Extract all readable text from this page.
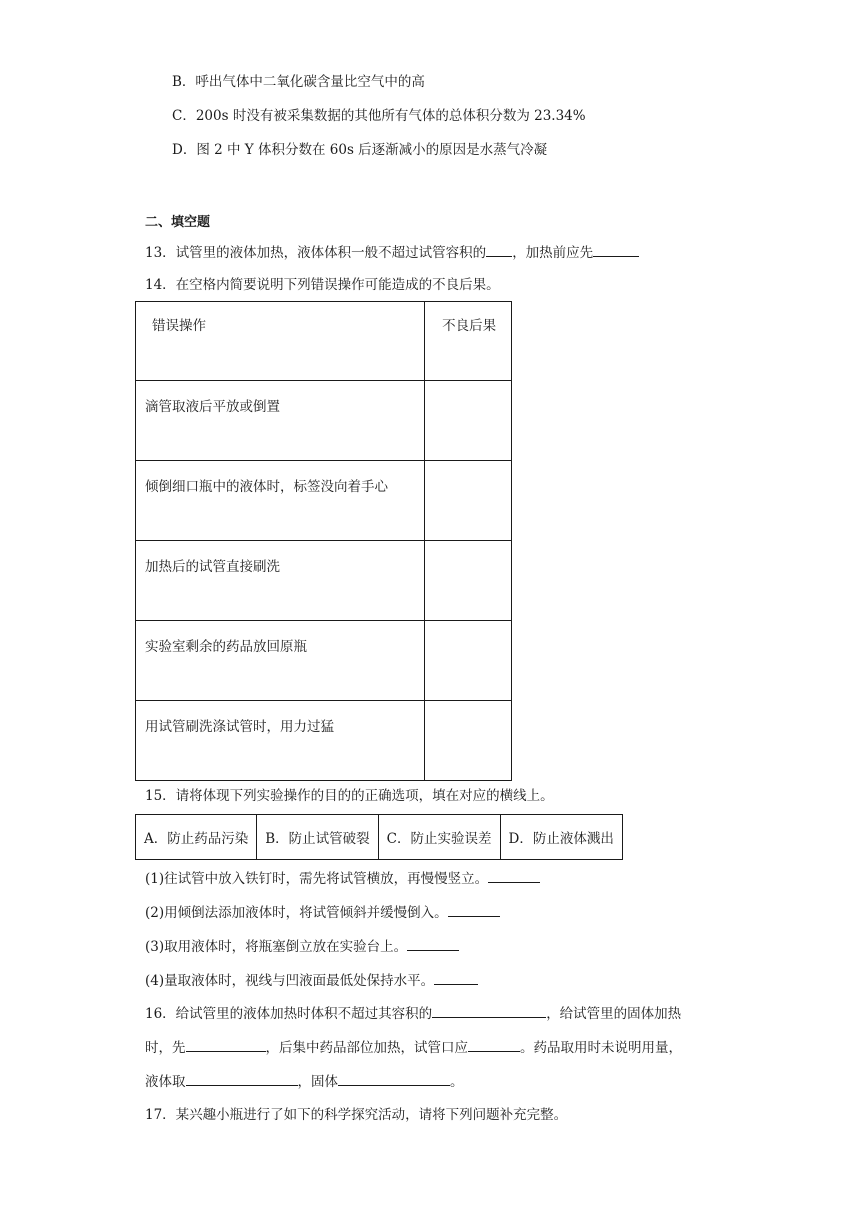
B．呼出气体中二氧化碳含量比空气中的高
C．200s 时没有被采集数据的其他所有气体的总体积分数为 23.34%
D．图 2 中 Y 体积分数在 60s 后逐渐减小的原因是水蒸气冷凝
二、填空题
13．试管里的液体加热，液体体积一般不超过试管容积的 ，加热前应先
14．在空格内简要说明下列错误操作可能造成的不良后果。
错误操作	不良后果

滴管取液后平放或倒置	

倾倒细口瓶中的液体时，标签没向着手心	

加热后的试管直接刷洗	

实验室剩余的药品放回原瓶	

用试管刷洗涤试管时，用力过猛	

15．请将体现下列实验操作的目的的正确选项，填在对应的横线上。
A．防止药品污染	B．防止试管破裂	C．防止实验误差	D．防止液体溅出
(1)往试管中放入铁钉时，需先将试管横放，再慢慢竖立。
(2)用倾倒法添加液体时，将试管倾斜并缓慢倒入。
(3)取用液体时，将瓶塞倒立放在实验台上。
(4)量取液体时，视线与凹液面最低处保持水平。
16．给试管里的液体加热时体积不超过其容积的	，给试管里的固体加热
时，先	，后集中药品部位加热，试管口应	。药品取用时未说明用量，
液体取	，固体	。
17．某兴趣小瓶进行了如下的科学探究活动，请将下列问题补充完整。
